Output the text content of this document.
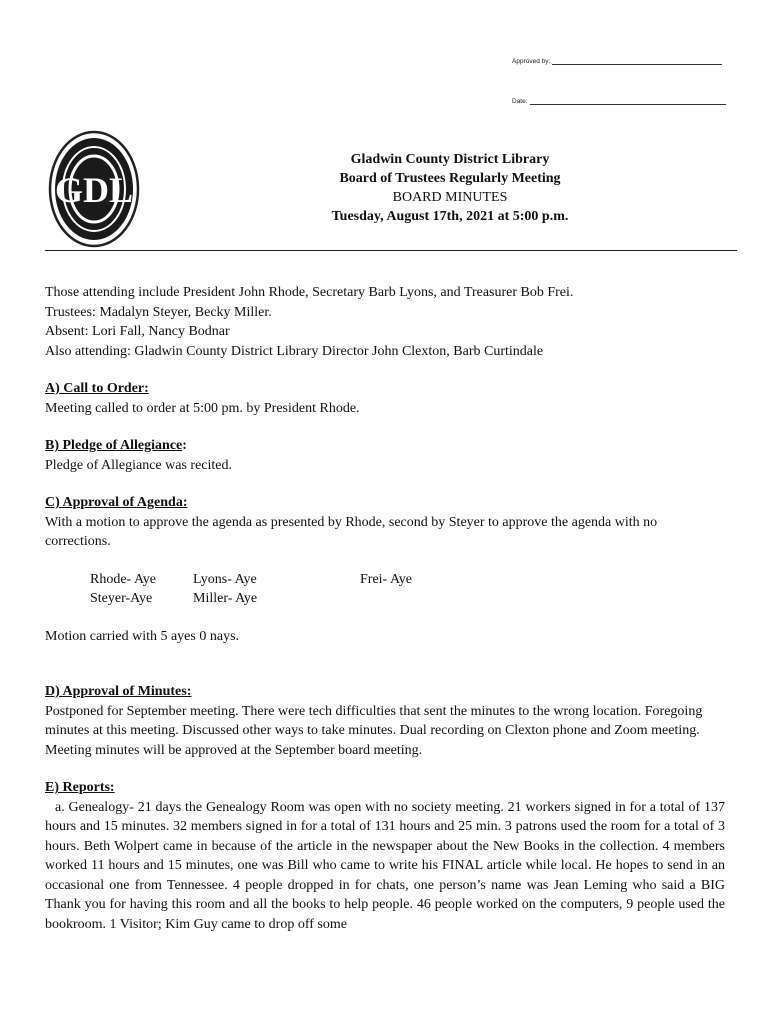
Approved by:
Date:
GDL
Gladwin County District Library
Board of Trustees Regularly Meeting
BOARD MINUTES
Tuesday, August 17th, 2021 at 5:00 p.m.

Those attending include President John Rhode, Secretary Barb Lyons, and Treasurer Bob Frei.

Trustees: Madalyn Steyer, Becky Miller.

Absent: Lori Fall, Nancy Bodnar

Also attending: Gladwin County District Library Director John Clexton, Barb Curtindale

A) Call to Order:

Meeting called to order at 5:00 pm. by President Rhode.

B) Pledge of Allegiance:

Pledge of Allegiance was recited.

C) Approval of Agenda:

With a motion to approve the agenda as presented by Rhode, second by Steyer to approve the agenda with no corrections.

Rhode- Aye	Lyons- Aye	Frei- Aye
Steyer-Aye	Miller- Aye

Motion carried with 5 ayes 0 nays.

D) Approval of Minutes:

Postponed for September meeting. There were tech difficulties that sent the minutes to the wrong location. Foregoing minutes at this meeting. Discussed other ways to take minutes. Dual recording on Clexton phone and Zoom meeting. Meeting minutes will be approved at the September board meeting.

E) Reports:

a. Genealogy- 21 days the Genealogy Room was open with no society meeting. 21 workers signed in for a total of 137 hours and 15 minutes. 32 members signed in for a total of 131 hours and 25 min. 3 patrons used the room for a total of 3 hours. Beth Wolpert came in because of the article in the newspaper about the New Books in the collection. 4 members worked 11 hours and 15 minutes, one was Bill who came to write his FINAL article while local. He hopes to send in an occasional one from Tennessee. 4 people dropped in for chats, one person’s name was Jean Leming who said a BIG Thank you for having this room and all the books to help people. 46 people worked on the computers, 9 people used the bookroom. 1 Visitor; Kim Guy came to drop off some
